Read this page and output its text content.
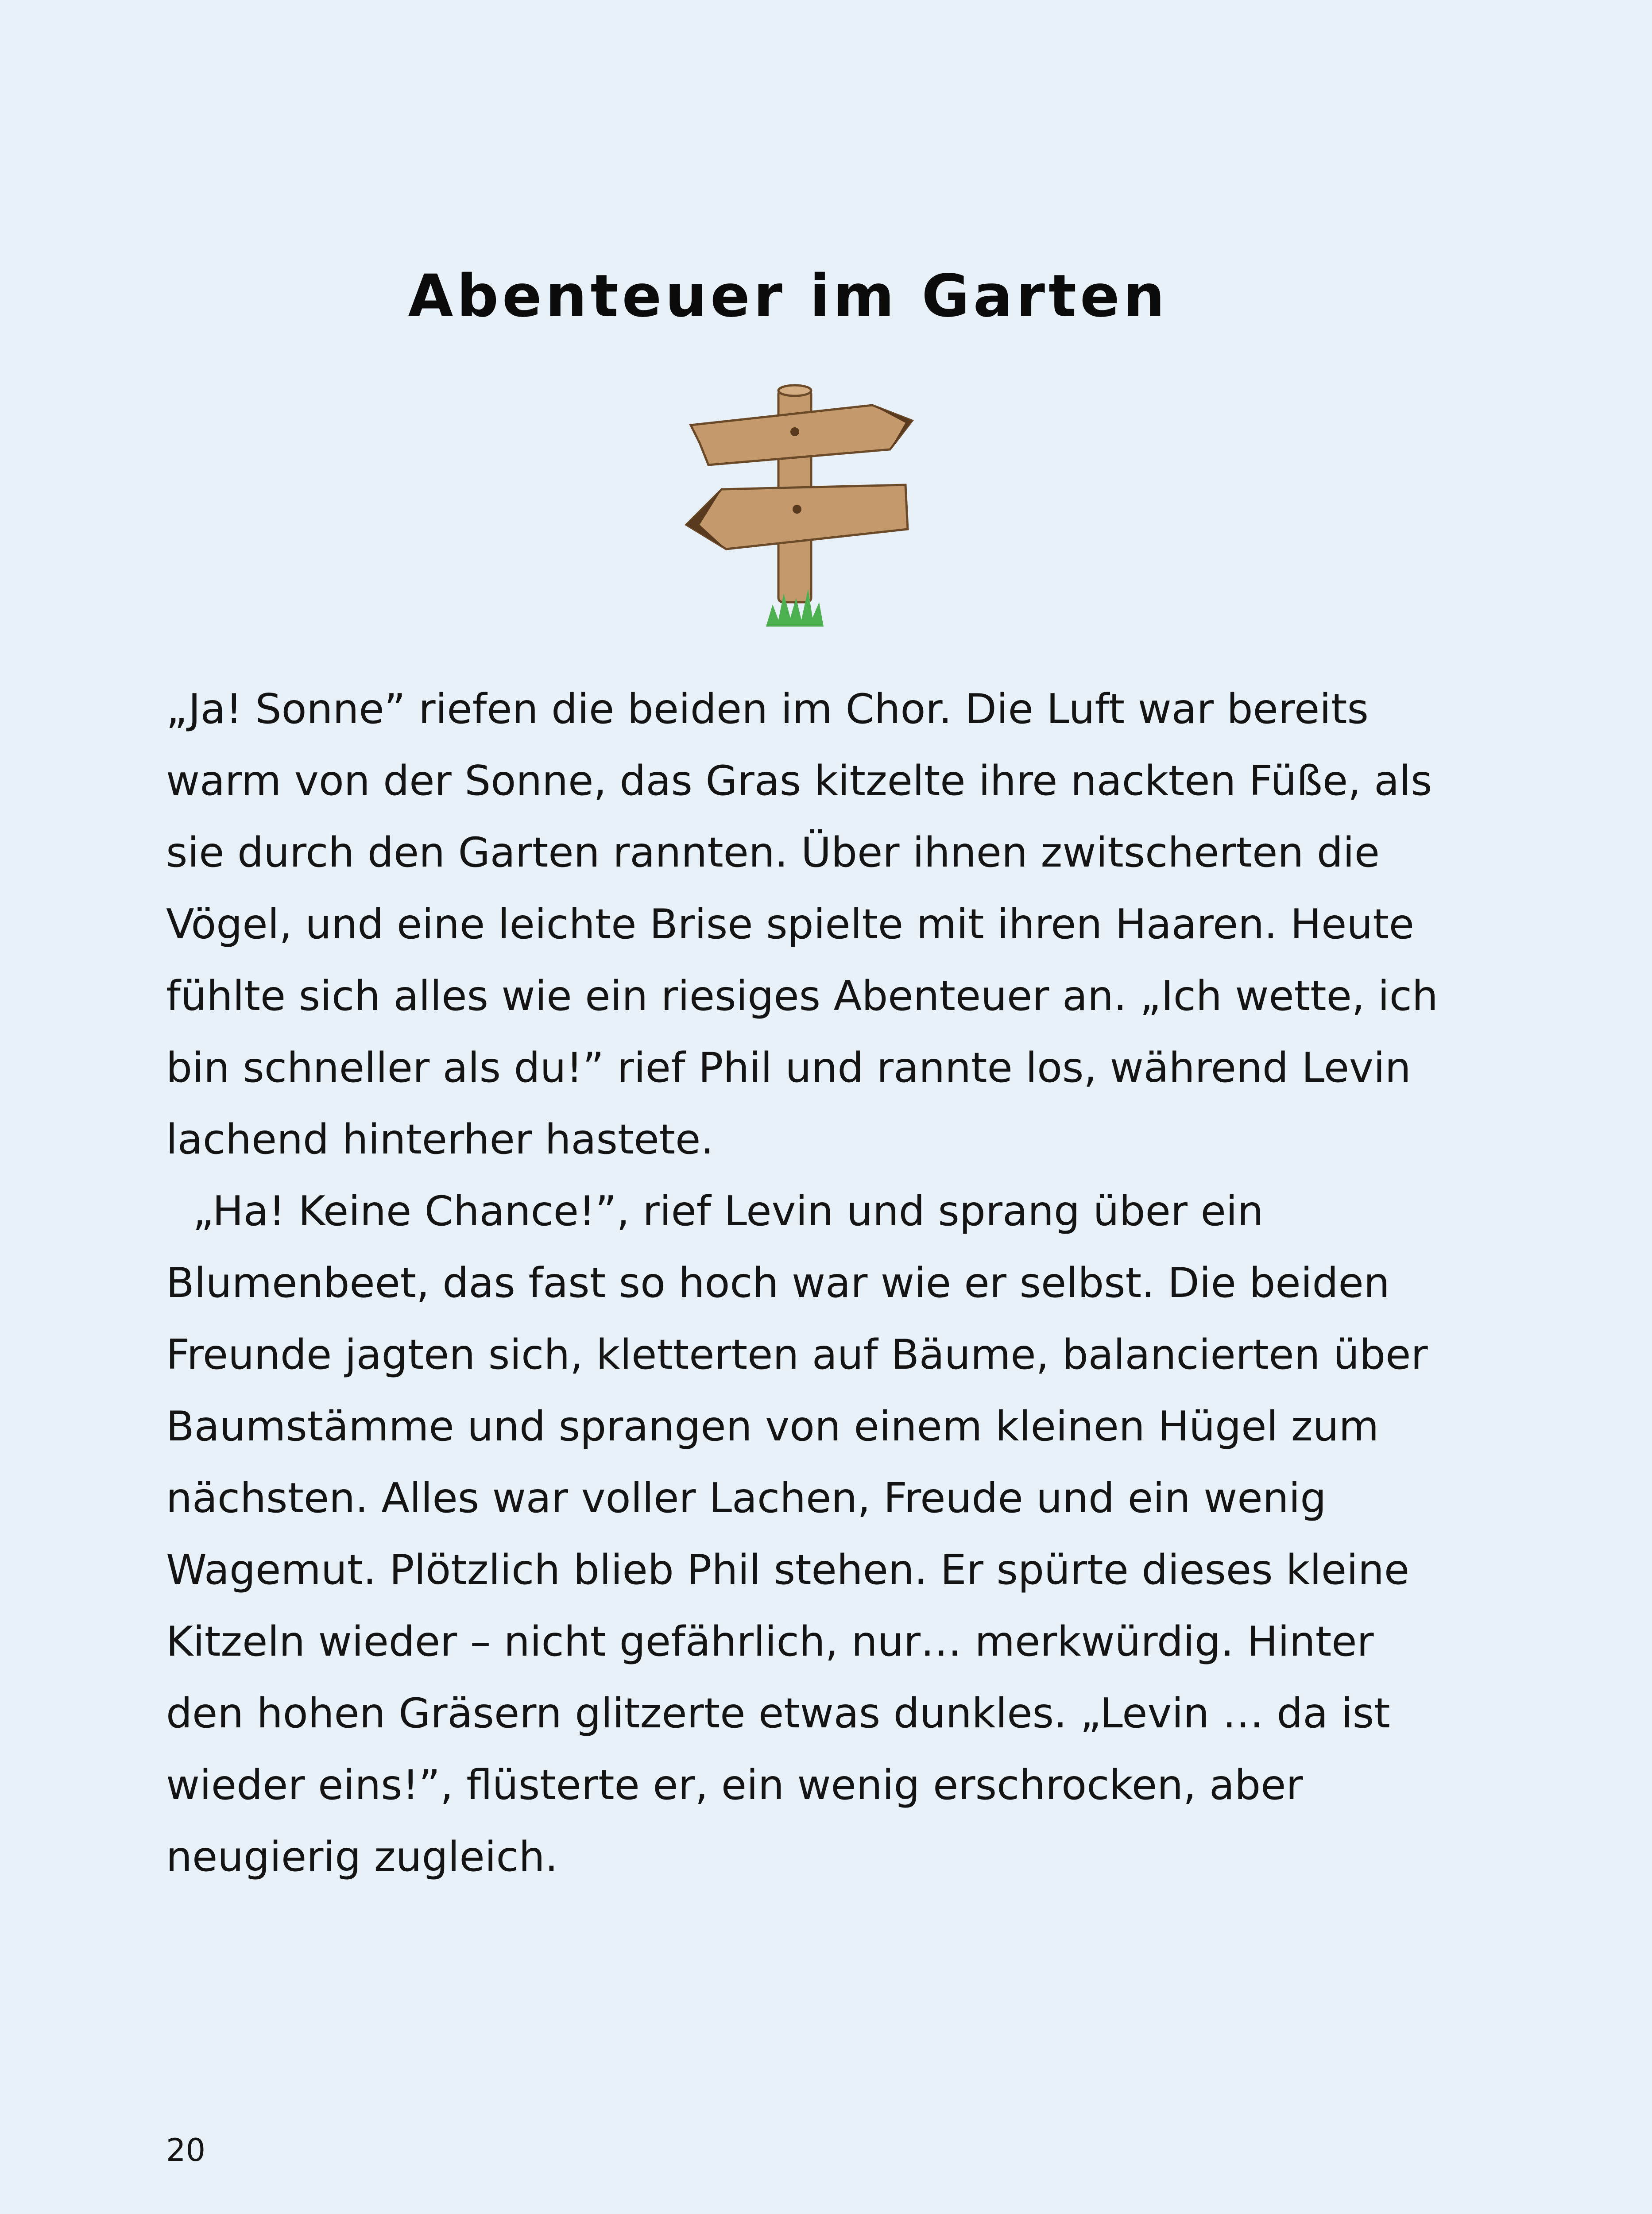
Abenteuer im Garten

„Ja! Sonne” riefen die beiden im Chor. Die Luft war bereits warm von der Sonne, das Gras kitzelte ihre nackten Füße, als sie durch den Garten rannten. Über ihnen zwitscherten die Vögel, und eine leichte Brise spielte mit ihren Haaren. Heute fühlte sich alles wie ein riesiges Abenteuer an. „Ich wette, ich bin schneller als du!” rief Phil und rannte los, während Levin lachend hinterher hastete.

„Ha! Keine Chance!”, rief Levin und sprang über ein Blumenbeet, das fast so hoch war wie er selbst. Die beiden Freunde jagten sich, kletterten auf Bäume, balancierten über Baumstämme und sprangen von einem kleinen Hügel zum nächsten. Alles war voller Lachen, Freude und ein wenig Wagemut. Plötzlich blieb Phil stehen. Er spürte dieses kleine Kitzeln wieder – nicht gefährlich, nur… merkwürdig. Hinter den hohen Gräsern glitzerte etwas dunkles. „Levin … da ist wieder eins!”, flüsterte er, ein wenig erschrocken, aber neugierig zugleich.

20
